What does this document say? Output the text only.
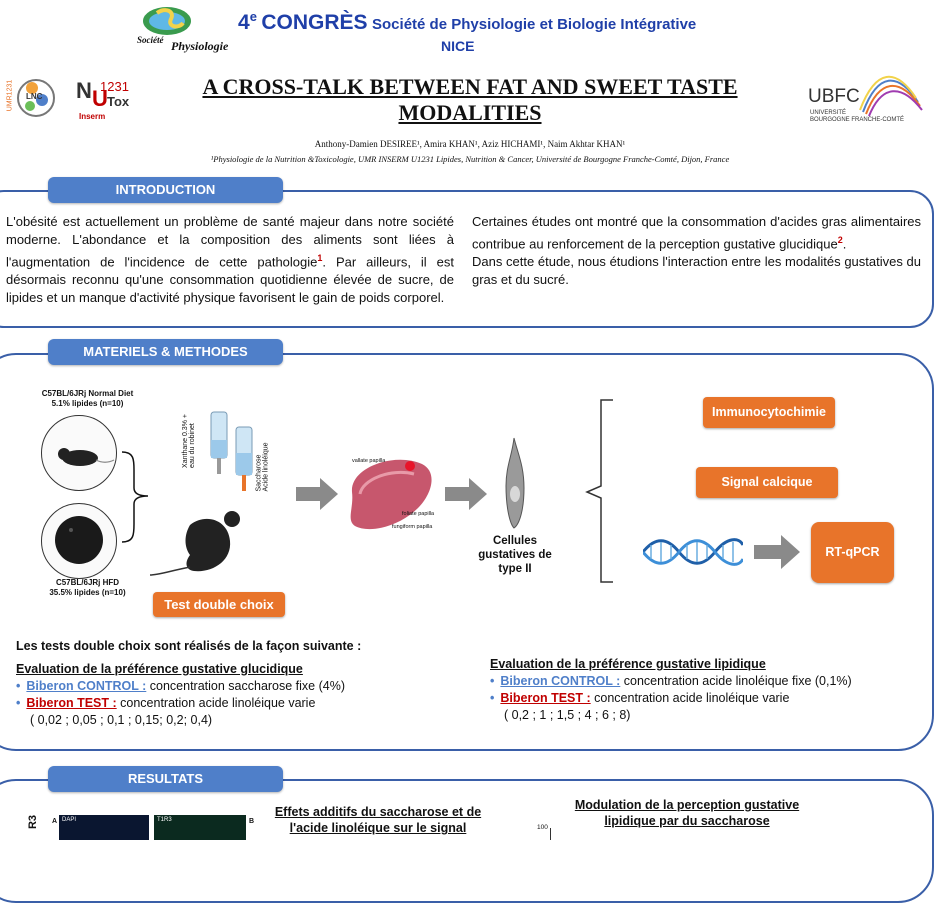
Société Physiologie
4e CONGRÈS Société de Physiologie et Biologie Intégrative
NICE
UMR1231 LNC N U
1231
Tox
Inserm
A CROSS-TALK BETWEEN FAT AND SWEET TASTE
MODALITIES
Anthony-Damien DESIREE¹, Amira KHAN¹, Aziz HICHAMI¹, Naim Akhtar KHAN¹
¹Physiologie de la Nutrition &Toxicologie, UMR INSERM U1231 Lipides, Nutrition & Cancer, Université de Bourgogne Franche-Comté, Dijon, France
UBFC
UNIVERSITÉ
BOURGOGNE FRANCHE-COMTÉ
INTRODUCTION
L'obésité est actuellement un problème de santé majeur dans notre société moderne. L'abondance et la composition des aliments sont liées à l'augmentation de l'incidence de cette pathologie$^1$. Par ailleurs, il est désormais reconnu qu'une consommation quotidienne élevée de sucre, de lipides et un manque d'activité physique favorisent le gain de poids corporel.
Certaines études ont montré que la consommation d'acides gras alimentaires contribue au renforcement de la perception gustative glucidique$^2$.
Dans cette étude, nous étudions l'interaction entre les modalités gustatives du gras et du sucré.
MATERIELS & METHODES
C57BL/6JRj Normal Diet
5.1% lipides (n=10)
C57BL/6JRj HFD
35.5% lipides (n=10)
Xanthane 0.3% + eau du robinet
Saccharose Acide linoléique
Test double choix
vallate papilla
foliate papilla
fungiform papilla
Cellules
gustatives de
type II
Immunocytochimie
Signal calcique
RT-qPCR
Les tests double choix sont réalisés de la façon suivante :
Evaluation de la préférence gustative glucidique
• Biberon CONTROL : concentration saccharose fixe (4%)
• Biberon TEST : concentration acide linoléique varie
( 0,02 ; 0,05 ; 0,1 ; 0,15; 0,2; 0,4)
Evaluation de la préférence gustative lipidique
• Biberon CONTROL : concentration acide linoléique fixe (0,1%)
• Biberon TEST : concentration acide linoléique varie
( 0,2 ; 1 ; 1,5 ; 4 ; 6 ; 8)
RESULTATS
R3 A DAPI	T1R3	B
Effets additifs du saccharose et de
l'acide linoléique sur le signal	100
Modulation de la perception gustative
lipidique par du saccharose
